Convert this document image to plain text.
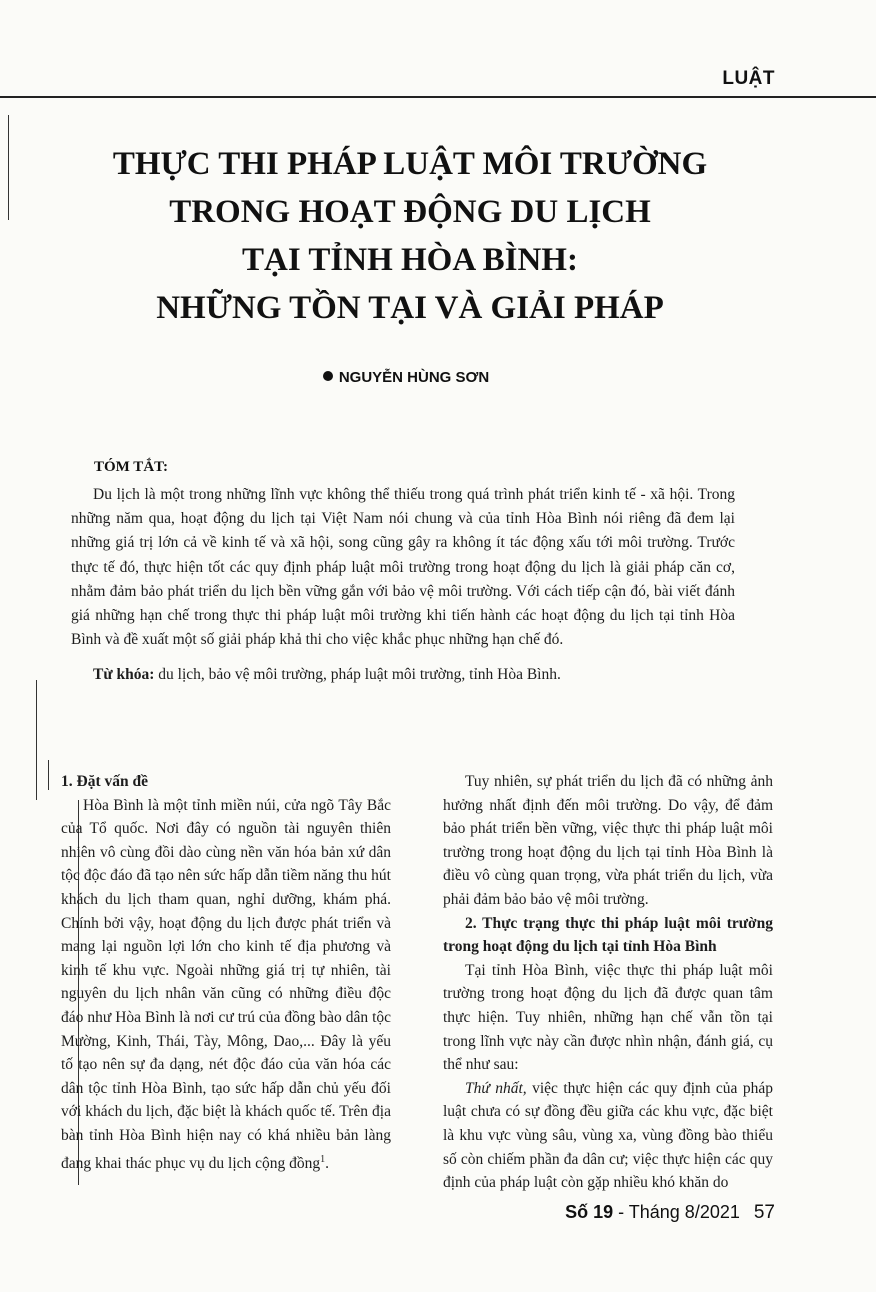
LUẬT
THỰC THI PHÁP LUẬT MÔI TRƯỜNG
TRONG HOẠT ĐỘNG DU LỊCH
TẠI TỈNH HÒA BÌNH:
NHỮNG TỒN TẠI VÀ GIẢI PHÁP
NGUYỄN HÙNG SƠN
TÓM TẮT:

Du lịch là một trong những lĩnh vực không thể thiếu trong quá trình phát triển kinh tế - xã hội. Trong những năm qua, hoạt động du lịch tại Việt Nam nói chung và của tỉnh Hòa Bình nói riêng đã đem lại những giá trị lớn cả về kinh tế và xã hội, song cũng gây ra không ít tác động xấu tới môi trường. Trước thực tế đó, thực hiện tốt các quy định pháp luật môi trường trong hoạt động du lịch là giải pháp căn cơ, nhằm đảm bảo phát triển du lịch bền vững gắn với bảo vệ môi trường. Với cách tiếp cận đó, bài viết đánh giá những hạn chế trong thực thi pháp luật môi trường khi tiến hành các hoạt động du lịch tại tỉnh Hòa Bình và đề xuất một số giải pháp khả thi cho việc khắc phục những hạn chế đó.

Từ khóa: du lịch, bảo vệ môi trường, pháp luật môi trường, tỉnh Hòa Bình.

1. Đặt vấn đề

Hòa Bình là một tỉnh miền núi, cửa ngõ Tây Bắc của Tổ quốc. Nơi đây có nguồn tài nguyên thiên nhiên vô cùng đồi dào cùng nền văn hóa bản xứ dân tộc độc đáo đã tạo nên sức hấp dẫn tiềm năng thu hút khách du lịch tham quan, nghỉ dưỡng, khám phá. Chính bởi vậy, hoạt động du lịch được phát triển và mang lại nguồn lợi lớn cho kinh tế địa phương và kinh tế khu vực. Ngoài những giá trị tự nhiên, tài nguyên du lịch nhân văn cũng có những điều độc đáo như Hòa Bình là nơi cư trú của đồng bào dân tộc Mường, Kinh, Thái, Tày, Mông, Dao,... Đây là yếu tố tạo nên sự đa dạng, nét độc đáo của văn hóa các dân tộc tỉnh Hòa Bình, tạo sức hấp dẫn chủ yếu đối với khách du lịch, đặc biệt là khách quốc tế. Trên địa bàn tỉnh Hòa Bình hiện nay có khá nhiều bản làng đang khai thác phục vụ du lịch cộng đồng$^1$.

Tuy nhiên, sự phát triển du lịch đã có những ảnh hưởng nhất định đến môi trường. Do vậy, để đảm bảo phát triển bền vững, việc thực thi pháp luật môi trường trong hoạt động du lịch tại tỉnh Hòa Bình là điều vô cùng quan trọng, vừa phát triển du lịch, vừa phải đảm bảo bảo vệ môi trường.

2. Thực trạng thực thi pháp luật môi trường trong hoạt động du lịch tại tỉnh Hòa Bình

Tại tỉnh Hòa Bình, việc thực thi pháp luật môi trường trong hoạt động du lịch đã được quan tâm thực hiện. Tuy nhiên, những hạn chế vẫn tồn tại trong lĩnh vực này cần được nhìn nhận, đánh giá, cụ thể như sau:

Thứ nhất, việc thực hiện các quy định của pháp luật chưa có sự đồng đều giữa các khu vực, đặc biệt là khu vực vùng sâu, vùng xa, vùng đồng bào thiểu số còn chiếm phần đa dân cư; việc thực hiện các quy định của pháp luật còn gặp nhiều khó khăn do

Số 19 - Tháng 8/2021 57
